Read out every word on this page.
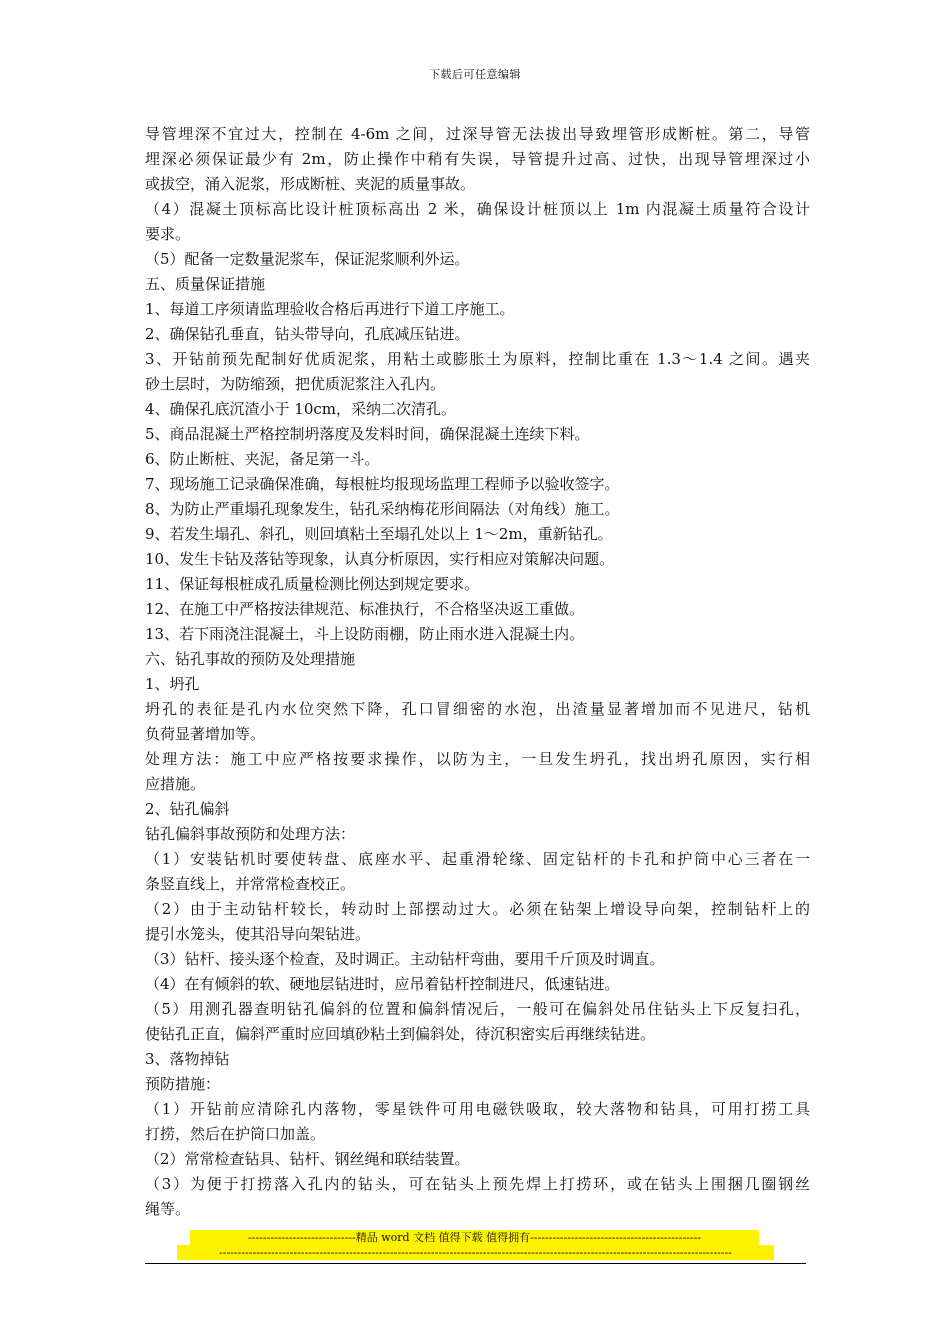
下载后可任意编辑
导管埋深不宜过大，控制在 4-6m 之间，过深导管无法拔出导致埋管形成断桩。第二，导管
埋深必须保证最少有 2m，防止操作中稍有失误，导管提升过高、过快，出现导管埋深过小
或拔空，涌入泥浆，形成断桩、夹泥的质量事故。
（4）混凝土顶标高比设计桩顶标高出 2 米，确保设计桩顶以上 1m 内混凝土质量符合设计
要求。
（5）配备一定数量泥浆车，保证泥浆顺利外运。
五、质量保证措施
1、每道工序须请监理验收合格后再进行下道工序施工。
2、确保钻孔垂直，钻头带导向，孔底减压钻进。
3、开钻前预先配制好优质泥浆，用粘土或膨胀土为原料，控制比重在 1.3～1.4 之间。遇夹
砂土层时，为防缩颈，把优质泥浆注入孔内。
4、确保孔底沉渣小于 10cm，采纳二次清孔。
5、商品混凝土严格控制坍落度及发料时间，确保混凝土连续下料。
6、防止断桩、夹泥，备足第一斗。
7、现场施工记录确保准确，每根桩均报现场监理工程师予以验收签字。
8、为防止严重塌孔现象发生，钻孔采纳梅花形间隔法（对角线）施工。
9、若发生塌孔、斜孔，则回填粘土至塌孔处以上 1～2m，重新钻孔。
10、发生卡钻及落钻等现象，认真分析原因，实行相应对策解决问题。
11、保证每根桩成孔质量检测比例达到规定要求。
12、在施工中严格按法律规范、标准执行，不合格坚决返工重做。
13、若下雨浇注混凝土，斗上设防雨棚，防止雨水进入混凝土内。
六、钻孔事故的预防及处理措施
1、坍孔
坍孔的表征是孔内水位突然下降，孔口冒细密的水泡，出渣量显著增加而不见进尺，钻机
负荷显著增加等。
处理方法：施工中应严格按要求操作，以防为主，一旦发生坍孔，找出坍孔原因，实行相
应措施。
2、钻孔偏斜
钻孔偏斜事故预防和处理方法：
（1）安装钻机时要使转盘、底座水平、起重滑轮缘、固定钻杆的卡孔和护筒中心三者在一
条竖直线上，并常常检查校正。
（2）由于主动钻杆较长，转动时上部摆动过大。必须在钻架上增设导向架，控制钻杆上的
提引水笼头，使其沿导向架钻进。
（3）钻杆、接头逐个检查，及时调正。主动钻杆弯曲，要用千斤顶及时调直。
（4）在有倾斜的软、硬地层钻进时，应吊着钻杆控制进尺，低速钻进。
（5）用测孔器查明钻孔偏斜的位置和偏斜情况后，一般可在偏斜处吊住钻头上下反复扫孔，
使钻孔正直，偏斜严重时应回填砂粘土到偏斜处，待沉积密实后再继续钻进。
3、落物掉钻
预防措施：
（1）开钻前应清除孔内落物，零星铁件可用电磁铁吸取，较大落物和钻具，可用打捞工具
打捞，然后在护筒口加盖。
（2）常常检查钻具、钻杆、钢丝绳和联结装置。
（3）为便于打捞落入孔内的钻头，可在钻头上预先焊上打捞环，或在钻头上围捆几圈钢丝
绳等。
-----------------------------精品 word 文档 值得下载 值得拥有----------------------------------------------
------------------------------------------------------------------------------------------------------------------------------------------
